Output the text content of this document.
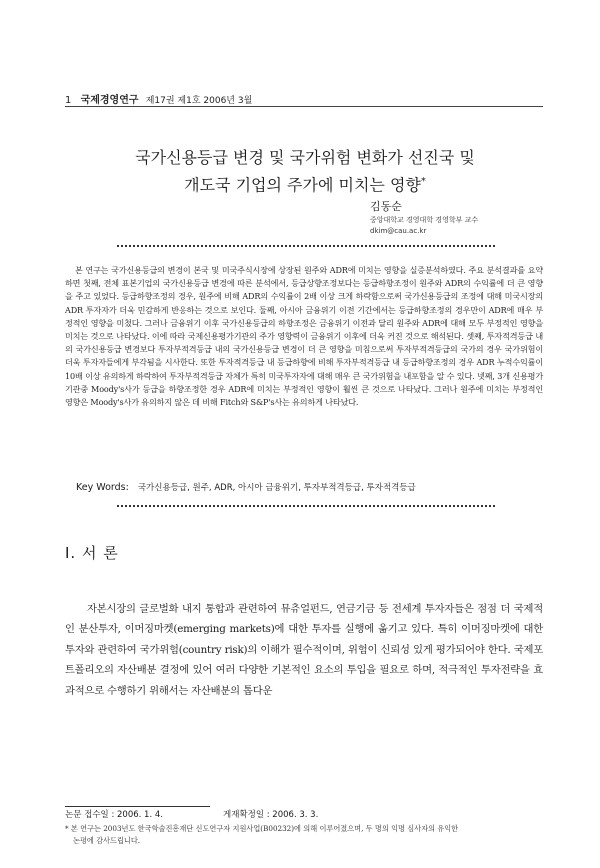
1 국제경영연구 제17권 제1호 2006년 3월
국가신용등급 변경 및 국가위험 변화가 선진국 및
개도국 기업의 주가에 미치는 영향*
김동순
중앙대학교 경영대학 경영학부 교수
dkim@cau.ac.kr

본 연구는 국가신용등급의 변경이 본국 및 미국주식시장에 상장된 원주와 ADR에 미치는 영향을 실증분석하였다. 주요 분석결과를 요약하면 첫째, 전체 표본기업의 국가신용등급 변경에 따른 분석에서, 등급상향조정보다는 등급하향조정이 원주와 ADR의 수익률에 더 큰 영향을 주고 있었다. 등급하향조정의 경우, 원주에 비해 ADR의 수익률이 2배 이상 크게 하락함으로써 국가신용등급의 조정에 대해 미국시장의 ADR 투자자가 더욱 민감하게 반응하는 것으로 보인다. 둘째, 아시아 금융위기 이전 기간에서는 등급하향조정의 경우만이 ADR에 매우 부정적인 영향을 미쳤다. 그러나 금융위기 이후 국가신용등급의 하향조정은 금융위기 이전과 달리 원주와 ADR에 대해 모두 부정적인 영향을 미치는 것으로 나타났다. 이에 따라 국제신용평가기관의 주가 영향력이 금융위기 이후에 더욱 커진 것으로 해석된다. 셋째, 투자적격등급 내의 국가신용등급 변경보다 투자부적격등급 내의 국가신용등급 변경이 더 큰 영향을 미침으로써 투자부적격등급의 국가의 경우 국가위험이 더욱 투자자들에게 부각됨을 시사한다. 또한 투자적격등급 내 등급하향에 비해 투자부적격등급 내 등급하향조정의 경우 ADR 누적수익률이 10배 이상 유의하게 하락하여 투자부적격등급 자체가 특히 미국투자자에 대해 매우 큰 국가위험을 내포함을 알 수 있다. 넷째, 3개 신용평가기관중 Moody's사가 등급을 하향조정한 경우 ADR에 미치는 부정적인 영향이 훨씬 큰 것으로 나타났다. 그러나 원주에 미치는 부정적인 영향은 Moody's사가 유의하지 않은 데 비해 Fitch와 S&P's사는 유의하게 나타났다.

Key Words: 국가신용등급, 원주, ADR, 아시아 금융위기, 투자부적격등급, 투자적격등급
Ⅰ. 서 론

자본시장의 글로벌화 내지 통합과 관련하여 뮤츄얼펀드, 연금기금 등 전세계 투자자들은 점점 더 국제적인 분산투자, 이머징마켓(emerging markets)에 대한 투자를 실행에 옮기고 있다. 특히 이머징마켓에 대한 투자와 관련하여 국가위험(country risk)의 이해가 필수적이며, 위험이 신뢰성 있게 평가되어야 한다. 국제포트폴리오의 자산배분 결정에 있어 여러 다양한 기본적인 요소의 투입을 필요로 하며, 적극적인 투자전략을 효과적으로 수행하기 위해서는 자산배분의 톱다운

논문 접수일 : 2006. 1. 4.	게재확정일 : 2006. 3. 3.
* 본 연구는 2003년도 한국학술진흥재단 신도연구자 지원사업(B00232)에 의해 이루어졌으며, 두 명의 익명 심사자의 유익한
논평에 감사드립니다.
